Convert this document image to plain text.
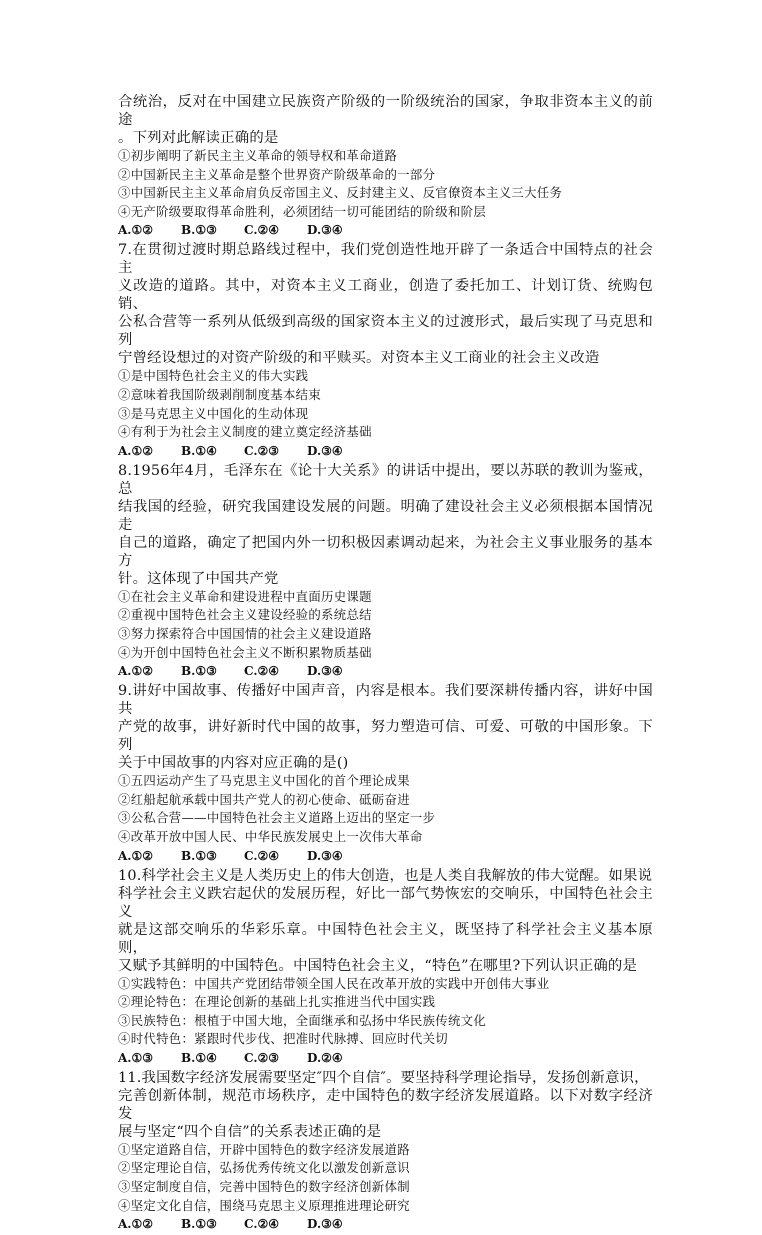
合统治，反对在中国建立民族资产阶级的一阶级统治的国家，争取非资本主义的前途

。下列对此解读正确的是

①初步阐明了新民主主义革命的领导权和革命道路

②中国新民主主义革命是整个世界资产阶级革命的一部分

③中国新民主主义革命肩负反帝国主义、反封建主义、反官僚资本主义三大任务

④无产阶级要取得革命胜利，必须团结一切可能团结的阶级和阶层

A.①② B.①③ C.②④ D.③④

7.在贯彻过渡时期总路线过程中，我们党创造性地开辟了一条适合中国特点的社会主

义改造的道路。其中，对资本主义工商业，创造了委托加工、计划订货、统购包销、

公私合营等一系列从低级到高级的国家资本主义的过渡形式，最后实现了马克思和列

宁曾经设想过的对资产阶级的和平赎买。对资本主义工商业的社会主义改造

①是中国特色社会主义的伟大实践

②意味着我国阶级剥削制度基本结束

③是马克思主义中国化的生动体现

④有利于为社会主义制度的建立奠定经济基础

A.①② B.①④ C.②③ D.③④

8.1956年4月，毛泽东在《论十大关系》的讲话中提出，要以苏联的教训为鉴戒，总

结我国的经验，研究我国建设发展的问题。明确了建设社会主义必须根据本国情况走

自己的道路，确定了把国内外一切积极因素调动起来，为社会主义事业服务的基本方

针。这体现了中国共产党

①在社会主义革命和建设进程中直面历史课题

②重视中国特色社会主义建设经验的系统总结

③努力探索符合中国国情的社会主义建设道路

④为开创中国特色社会主义不断积累物质基础

A.①② B.①③ C.②④ D.③④

9.讲好中国故事、传播好中国声音，内容是根本。我们要深耕传播内容，讲好中国共

产党的故事，讲好新时代中国的故事，努力塑造可信、可爱、可敬的中国形象。下列

关于中国故事的内容对应正确的是()

①五四运动产生了马克思主义中国化的首个理论成果

②红船起航承载中国共产党人的初心使命、砥砺奋进

③公私合营——中国特色社会主义道路上迈出的坚定一步

④改革开放中国人民、中华民族发展史上一次伟大革命

A.①② B.①③ C.②④ D.③④

10.科学社会主义是人类历史上的伟大创造，也是人类自我解放的伟大觉醒。如果说

科学社会主义跌宕起伏的发展历程，好比一部气势恢宏的交响乐，中国特色社会主义

就是这部交响乐的华彩乐章。中国特色社会主义，既坚持了科学社会主义基本原则，

又赋予其鲜明的中国特色。中国特色社会主义，“特色”在哪里?下列认识正确的是

①实践特色：中国共产党团结带领全国人民在改革开放的实践中开创伟大事业

②理论特色：在理论创新的基础上扎实推进当代中国实践

③民族特色：根植于中国大地，全面继承和弘扬中华民族传统文化

④时代特色：紧跟时代步伐、把准时代脉搏、回应时代关切

A.①③ B.①④ C.②③ D.②④

11.我国数字经济发展需要坚定″四个自信″。要坚持科学理论指导，发扬创新意识，

完善创新体制，规范市场秩序，走中国特色的数字经济发展道路。以下对数字经济发

展与坚定“四个自信”的关系表述正确的是

①坚定道路自信，开辟中国特色的数字经济发展道路

②坚定理论自信，弘扬优秀传统文化以激发创新意识

③坚定制度自信，完善中国特色的数字经济创新体制

④坚定文化自信，围绕马克思主义原理推进理论研究

A.①② B.①③ C.②④ D.③④
